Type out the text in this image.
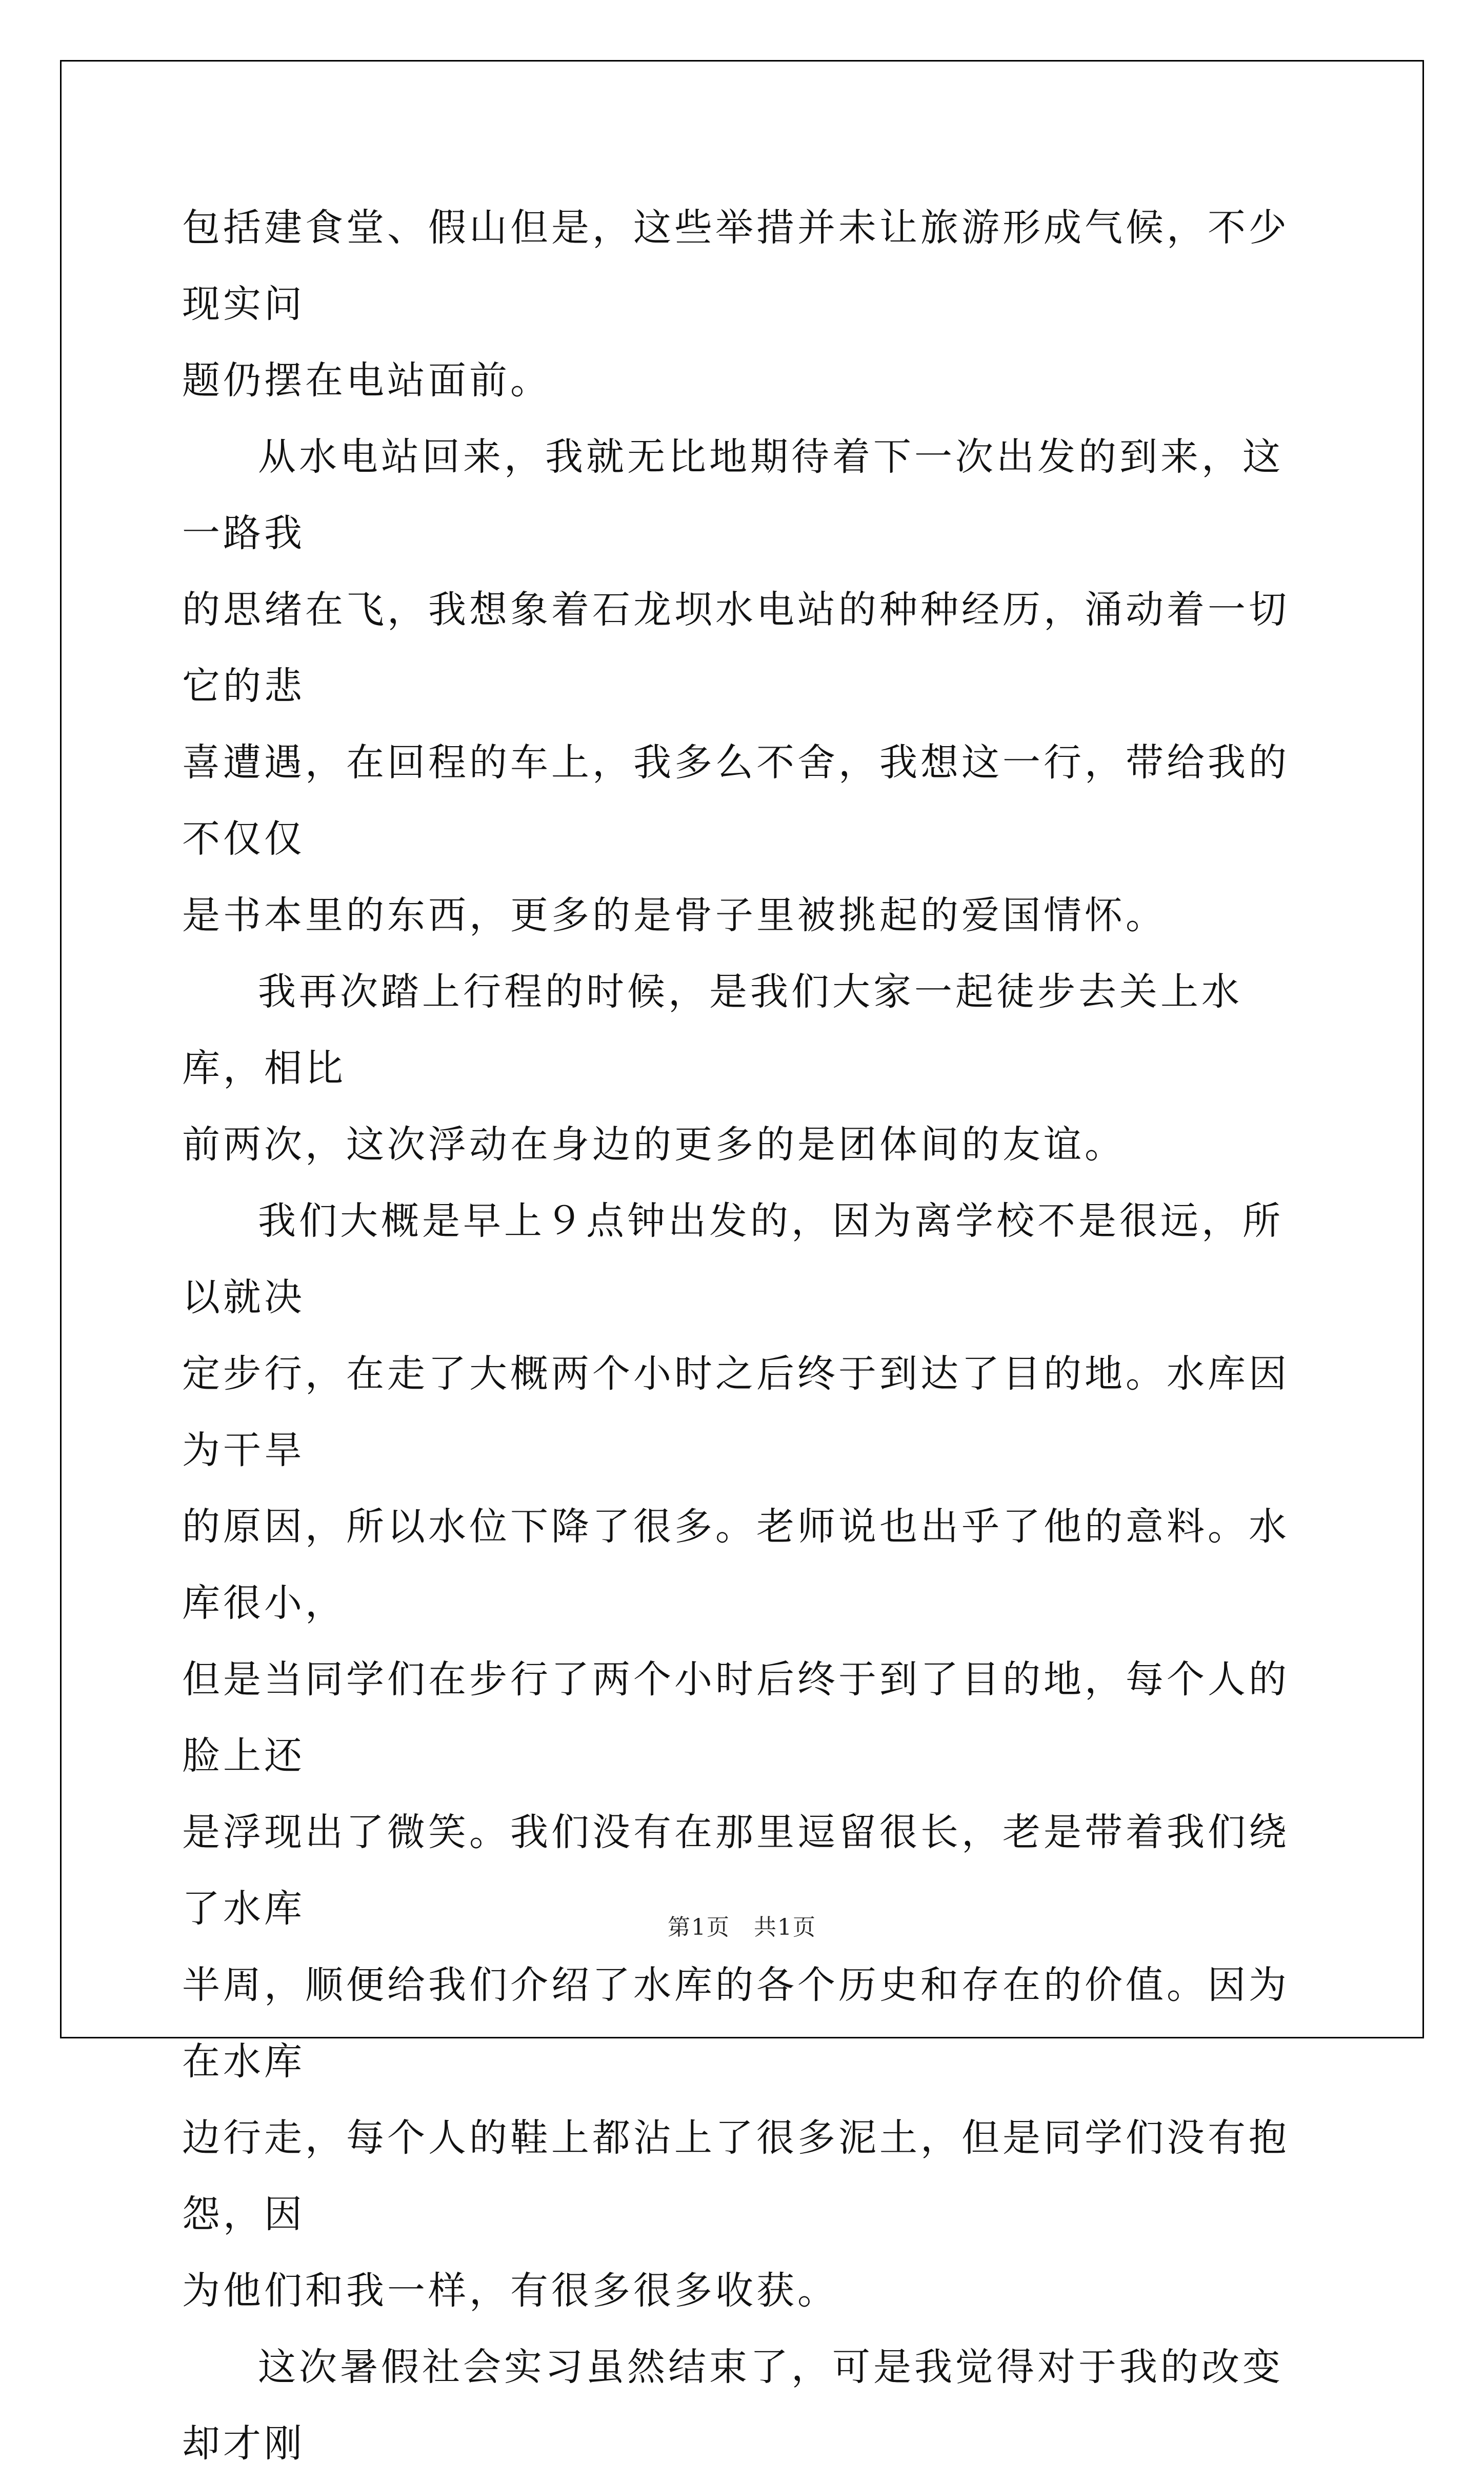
包括建食堂、假山但是，这些举措并未让旅游形成气候，不少现实问
题仍摆在电站面前。

从水电站回来，我就无比地期待着下一次出发的到来，这一路我
的思绪在飞，我想象着石龙坝水电站的种种经历，涌动着一切它的悲
喜遭遇，在回程的车上，我多么不舍，我想这一行，带给我的不仅仅
是书本里的东西，更多的是骨子里被挑起的爱国情怀。

我再次踏上行程的时候，是我们大家一起徒步去关上水库，相比
前两次，这次浮动在身边的更多的是团体间的友谊。

我们大概是早上９点钟出发的，因为离学校不是很远，所以就决
定步行，在走了大概两个小时之后终于到达了目的地。水库因为干旱
的原因，所以水位下降了很多。老师说也出乎了他的意料。水库很小，
但是当同学们在步行了两个小时后终于到了目的地，每个人的脸上还
是浮现出了微笑。我们没有在那里逗留很长，老是带着我们绕了水库
半周，顺便给我们介绍了水库的各个历史和存在的价值。因为在水库
边行走，每个人的鞋上都沾上了很多泥土，但是同学们没有抱怨，因
为他们和我一样，有很多很多收获。

这次暑假社会实习虽然结束了，可是我觉得对于我的改变却才刚

第1页　共1页
